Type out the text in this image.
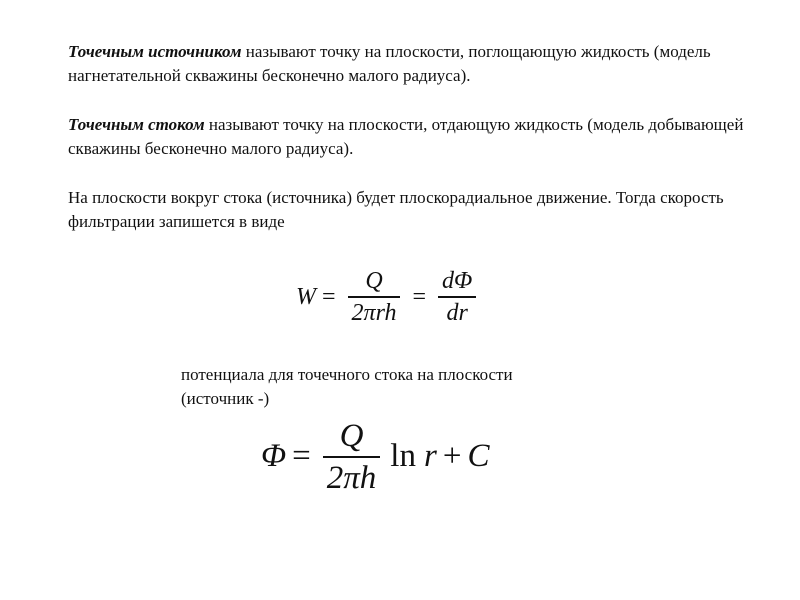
Точечным источником называют точку на плоскости, поглощающую жидкость (модель нагнетательной скважины бесконечно малого радиуса).

Точечным стоком называют точку на плоскости, отдающую жидкость (модель добывающей скважины бесконечно малого радиуса).

На плоскости вокруг стока (источника) будет плоскорадиальное движение. Тогда скорость фильтрации запишется в виде

$W = \frac{Q}{\text{2πrh}} = \frac{d\Phi}{dr}$

потенциала для точечного стока на плоскости
(источник -)

$\Phi = \frac{Q}{2\pi h}$ ln r + C
